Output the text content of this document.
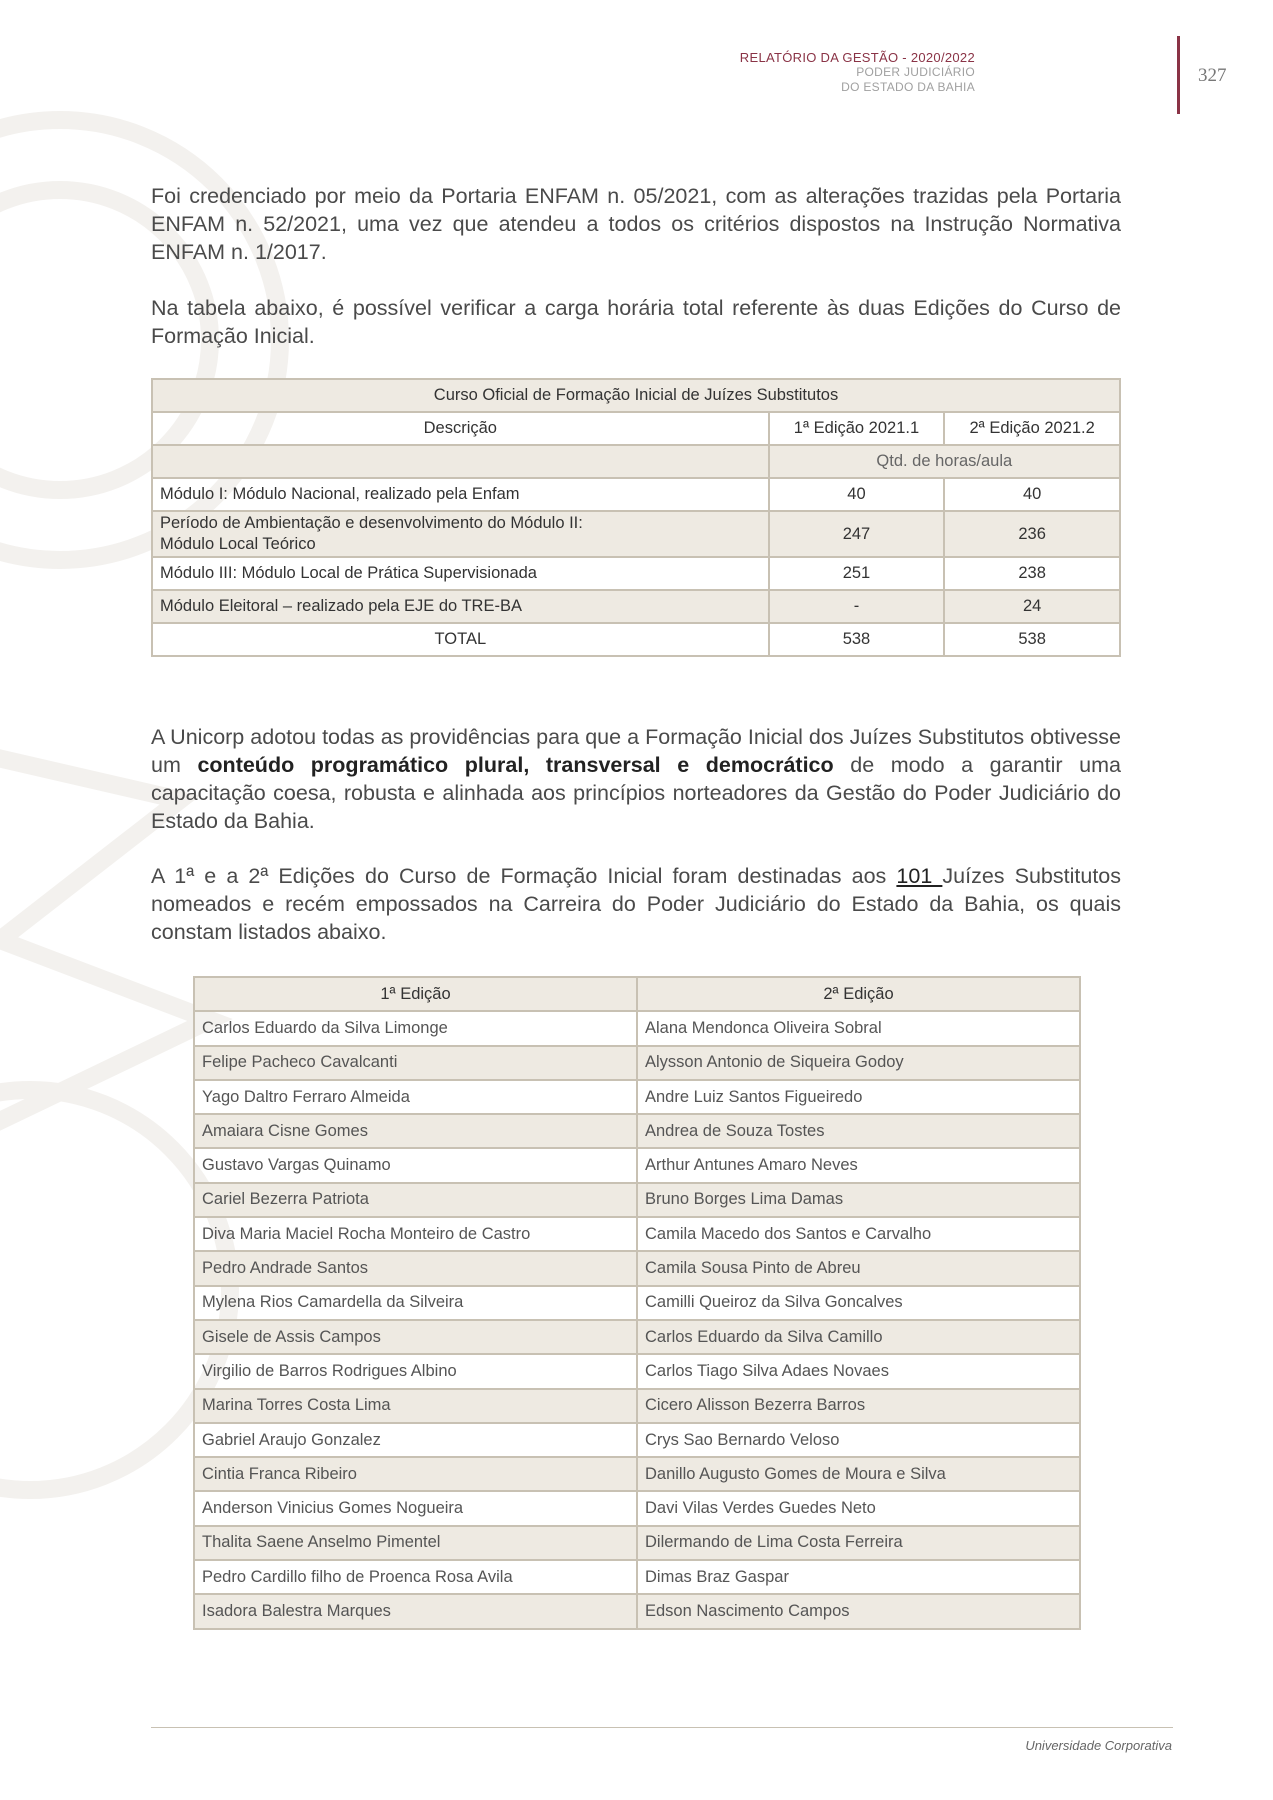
RELATÓRIO DA GESTÃO - 2020/2022
PODER JUDICIÁRIO
DO ESTADO DA BAHIA
327

Foi credenciado por meio da Portaria ENFAM n. 05/2021, com as alterações trazidas pela Portaria ENFAM n. 52/2021, uma vez que atendeu a todos os critérios dispostos na Instrução Normativa ENFAM n. 1/2017.

Na tabela abaixo, é possível verificar a carga horária total referente às duas Edições do Curso de Formação Inicial.

Curso Oficial de Formação Inicial de Juízes Substitutos		
Descrição	1ª Edição 2021.1	2ª Edição 2021.2
	Qtd. de horas/aula	
Módulo I: Módulo Nacional, realizado pela Enfam	40	40
Período de Ambientação e desenvolvimento do Módulo II:
Módulo Local Teórico	247	236
Módulo III: Módulo Local de Prática Supervisionada	251	238
Módulo Eleitoral – realizado pela EJE do TRE-BA	-	24
TOTAL	538	538

A Unicorp adotou todas as providências para que a Formação Inicial dos Juízes Substitutos obtivesse um conteúdo programático plural, transversal e democrático de modo a garantir uma capacitação coesa, robusta e alinhada aos princípios norteadores da Gestão do Poder Judiciário do Estado da Bahia.

A 1ª e a 2ª Edições do Curso de Formação Inicial foram destinadas aos 101 Juízes Substitutos nomeados e recém empossados na Carreira do Poder Judiciário do Estado da Bahia, os quais constam listados abaixo.

1ª Edição	2ª Edição
Carlos Eduardo da Silva Limonge	Alana Mendonca Oliveira Sobral
Felipe Pacheco Cavalcanti	Alysson Antonio de Siqueira Godoy
Yago Daltro Ferraro Almeida	Andre Luiz Santos Figueiredo
Amaiara Cisne Gomes	Andrea de Souza Tostes
Gustavo Vargas Quinamo	Arthur Antunes Amaro Neves
Cariel Bezerra Patriota	Bruno Borges Lima Damas
Diva Maria Maciel Rocha Monteiro de Castro	Camila Macedo dos Santos e Carvalho
Pedro Andrade Santos	Camila Sousa Pinto de Abreu
Mylena Rios Camardella da Silveira	Camilli Queiroz da Silva Goncalves
Gisele de Assis Campos	Carlos Eduardo da Silva Camillo
Virgilio de Barros Rodrigues Albino	Carlos Tiago Silva Adaes Novaes
Marina Torres Costa Lima	Cicero Alisson Bezerra Barros
Gabriel Araujo Gonzalez	Crys Sao Bernardo Veloso
Cintia Franca Ribeiro	Danillo Augusto Gomes de Moura e Silva
Anderson Vinicius Gomes Nogueira	Davi Vilas Verdes Guedes Neto
Thalita Saene Anselmo Pimentel	Dilermando de Lima Costa Ferreira
Pedro Cardillo filho de Proenca Rosa Avila	Dimas Braz Gaspar
Isadora Balestra Marques	Edson Nascimento Campos
Universidade Corporativa
